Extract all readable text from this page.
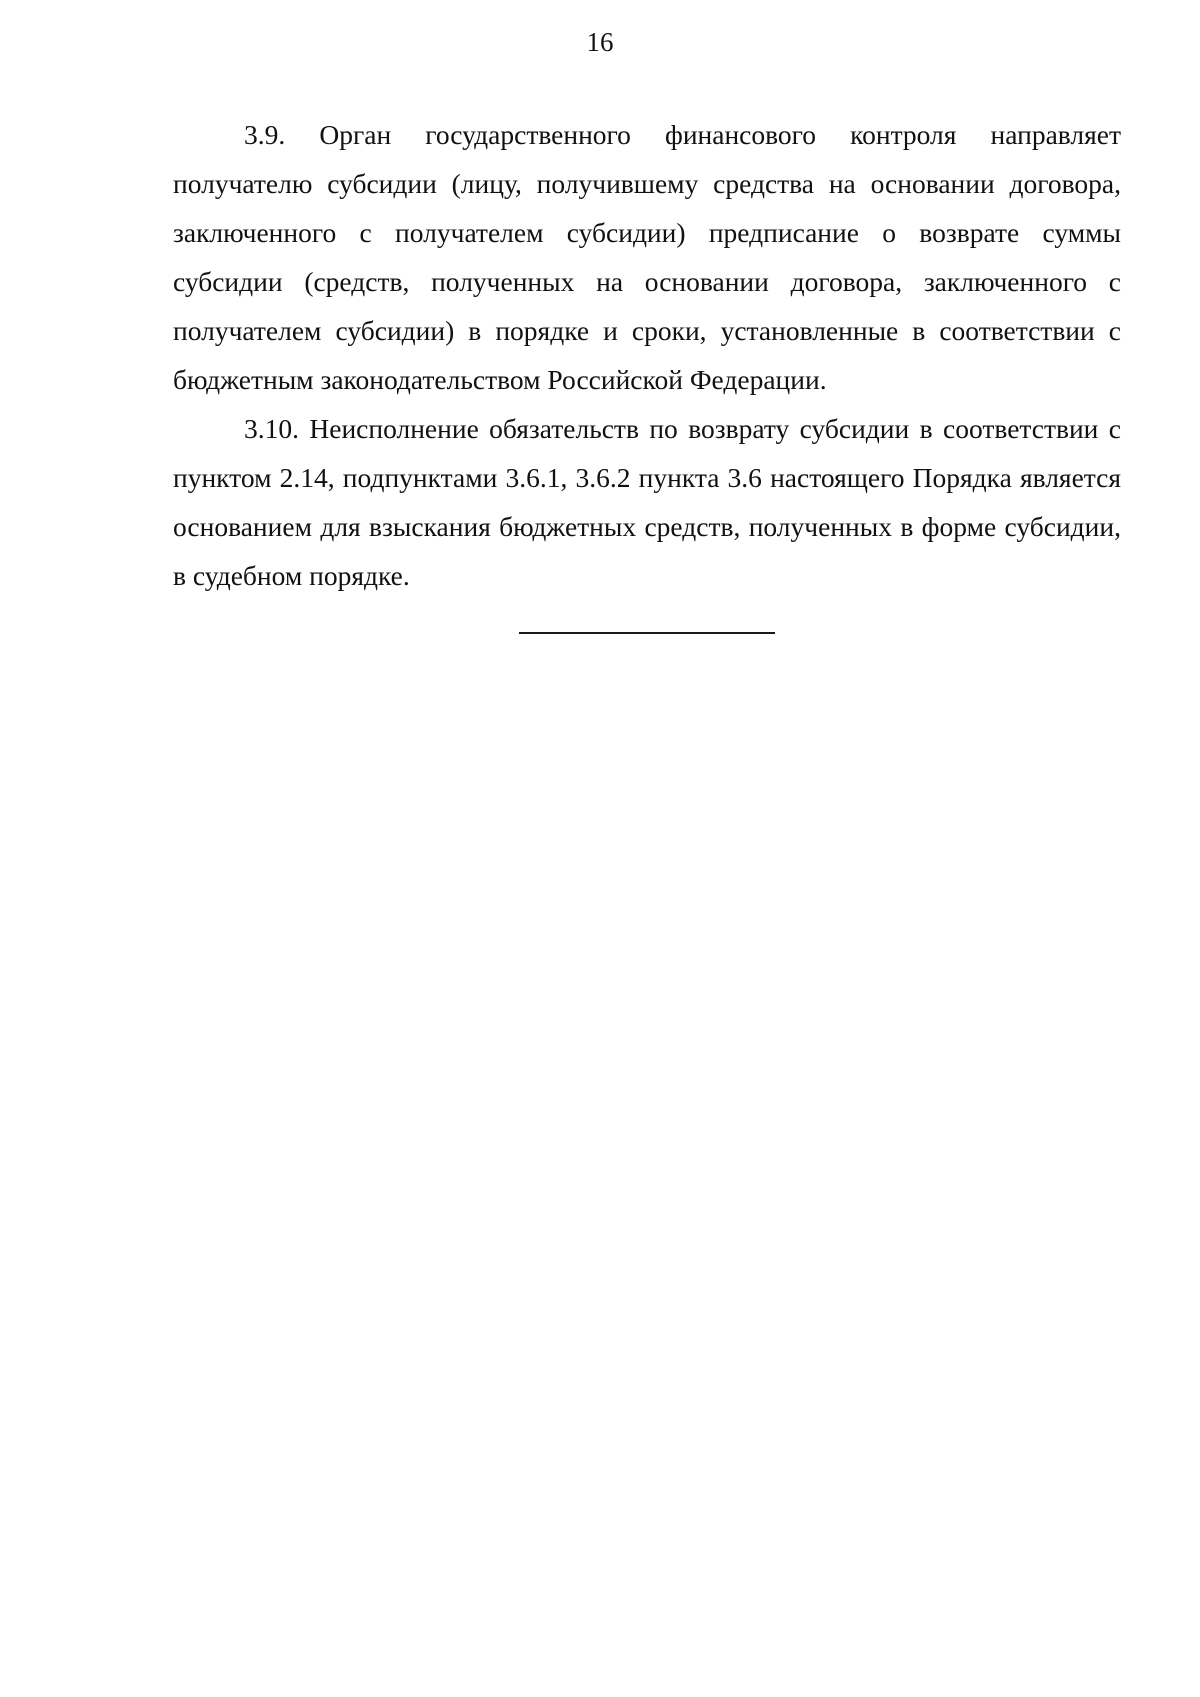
16

3.9. Орган государственного финансового контроля направляет получателю субсидии (лицу, получившему средства на основании договора, заключенного с получателем субсидии) предписание о возврате суммы субсидии (средств, полученных на основании договора, заключенного с получателем субсидии) в порядке и сроки, установленные в соответствии с бюджетным законодательством Российской Федерации.

3.10. Неисполнение обязательств по возврату субсидии в соответствии с пунктом 2.14, подпунктами 3.6.1, 3.6.2 пункта 3.6 настоящего Порядка является основанием для взыскания бюджетных средств, полученных в форме субсидии, в судебном порядке.
